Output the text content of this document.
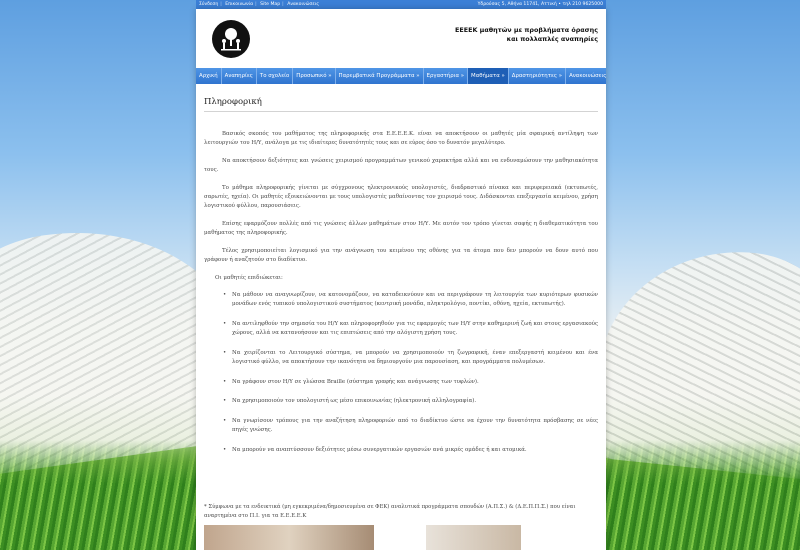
Σύνδεση | Επικοινωνία | Site Map | Ανακοινώσεις	Υδρούσας 5, Αθήνα 11741, Αττική • τηλ 210 9625000
ΕΕΕΕΚ μαθητών με προβλήματα όρασης
και πολλαπλές αναπηρίες
Αρχική	Αναπηρίες	Το σχολείο	Προσωπικό »	Παρεμβατικά Προγράμματα »	Εργαστήρια »	Μαθήματα »	Δραστηριότητες »	Ανακοινώσεις
Πληροφορική

Βασικός σκοπός του μαθήματος της πληροφορικής στα Ε.Ε.Ε.Ε.Κ. είναι να αποκτήσουν οι μαθητές μία σφαιρική αντίληψη των λειτουργιών του Η/Υ, ανάλογα με τις ιδιαίτερες δυνατότητές τους και σε εύρος όσο το δυνατόν μεγαλύτερο.

Να αποκτήσουν δεξιότητες και γνώσεις χειρισμού προγραμμάτων γενικού χαρακτήρα αλλά και να ενδυναμώσουν την μαθησιακότητα τους.

Το μάθημα πληροφορικής γίνεται με σύγχρονους ηλεκτρονικούς υπολογιστές, διαδραστικό πίνακα και περιφερειακά (εκτυπωτές, σαρωτές, ηχεία). Οι μαθητές εξοικειώνονται με τους υπολογιστές μαθαίνοντας τον χειρισμό τους. Διδάσκονται επεξεργασία κειμένου, χρήση λογιστικού φύλλου, παρουσιάσεις.

Επίσης εφαρμόζουν πολλές από τις γνώσεις άλλων μαθημάτων στον Η/Υ. Με αυτόν τον τρόπο γίνεται σαφής η διαθεματικότητα του μαθήματος της πληροφορικής.

Τέλος χρησιμοποιείται λογισμικό για την ανάγνωση του κειμένου της οθόνης για τα άτομα που δεν μπορούν να δουν αυτό που γράφουν ή αναζητούν στο διαδίκτυο.

Οι μαθητές επιδιώκεται:

• Να μάθουν να αναγνωρίζουν, να κατονομάζουν, να καταδεικνύουν και να περιγράφουν τη λειτουργία των κυριότερων φυσικών μονάδων ενός τυπικού υπολογιστικού συστήματος (κεντρική μονάδα, πληκτρολόγιο, ποντίκι, οθόνη, ηχεία, εκτυπωτής).
• Να αντιληφθούν την σημασία του Η/Υ και πληροφορηθούν για τις εφαρμογές των Η/Υ στην καθημερινή ζωή και στους εργασιακούς χώρους, αλλά να κατανοήσουν και τις επιπτώσεις από την αλόγιστη χρήση τους.
• Να χειρίζονται το Λειτουργικό σύστημα, να μπορούν να χρησιμοποιούν τη ζωγραφική, έναν επεξεργαστή κειμένου και ένα λογιστικό φύλλο, να αποκτήσουν την ικανότητα να δημιουργούν μια παρουσίαση, και προγράμματα πολυμέσων.
• Να γράφουν στον Η/Υ σε γλώσσα Braille (σύστημα γραφής και ανάγνωσης των τυφλών).
• Να χρησιμοποιούν τον υπολογιστή ως μέσο επικοινωνίας (ηλεκτρονική αλληλογραφία).
• Να γνωρίσουν τρόπους για την αναζήτηση πληροφοριών από το διαδίκτυο ώστε να έχουν την δυνατότητα πρόσβασης σε νέες πηγές γνώσης.
• Να μπορούν να αναπτύσσουν δεξιότητες μέσω συνεργατικών εργασιών ανά μικρές ομάδες ή και ατομικά.
* Σύμφωνα με τα ενδεικτικά (μη εγκεκριμένα/δημοσιευμένα σε ΦΕΚ) αναλυτικά προγράμματα σπουδών (Α.Π.Σ.) & (Δ.Ε.Π.Π.Σ.) που είναι αναρτημένα στο Π.Ι. για τα Ε.Ε.Ε.Ε.Κ
